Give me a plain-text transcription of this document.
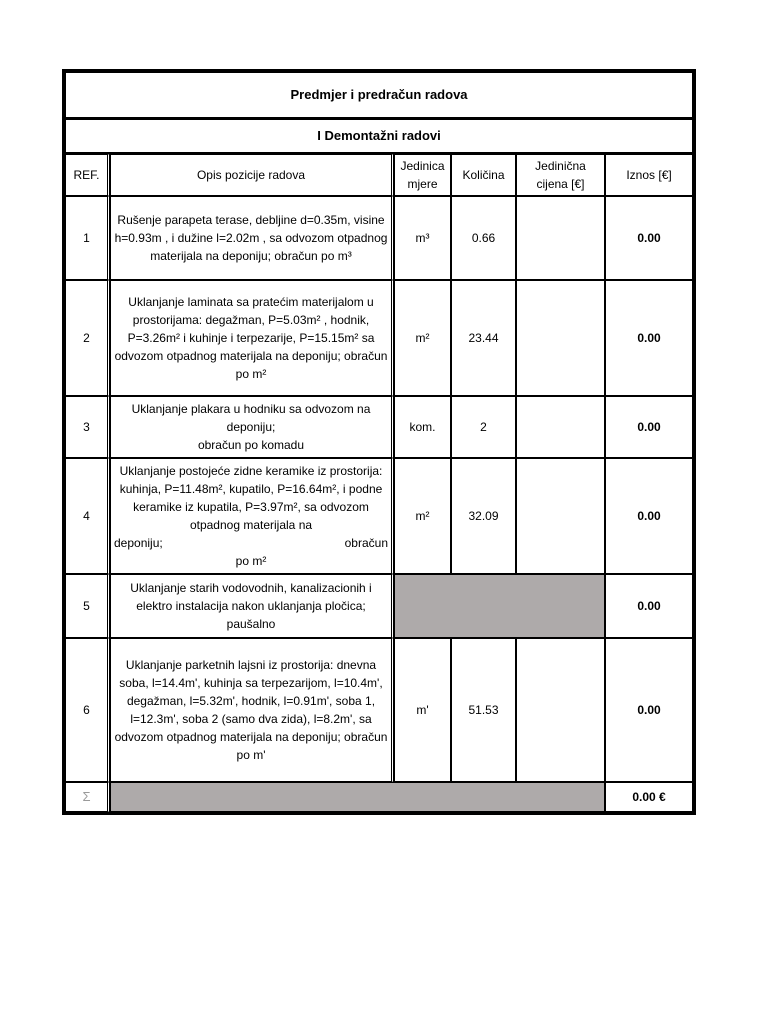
Predmjer i predračun radova					
I Demontažni radovi					
REF.	Opis pozicije radova	Jedinica mjere	Količina	Jedinična cijena [€]	Iznos [€]
1	Rušenje parapeta terase, debljine d=0.35m, visine h=0.93m , i dužine l=2.02m , sa odvozom otpadnog materijala na deponiju; obračun po m³	m³	0.66		0.00
2	Uklanjanje laminata sa pratećim materijalom u prostorijama: degažman, P=5.03m² , hodnik, P=3.26m² i kuhinje i terpezarije, P=15.15m² sa odvozom otpadnog materijala na deponiju; obračun po m²	m²	23.44		0.00
3	Uklanjanje plakara u hodniku sa odvozom na deponiju;
obračun po komadu	kom.	2		0.00
4	Uklanjanje postojeće zidne keramike iz prostorija: kuhinja, P=11.48m², kupatilo, P=16.64m², i podne keramike iz kupatila, P=3.97m², sa odvozom otpadnog materijala na
deponiju; obračun
po m²	m²	32.09		0.00
5	Uklanjanje starih vodovodnih, kanalizacionih i elektro instalacija nakon uklanjanja pločica; paušalno				0.00
6	Uklanjanje parketnih lajsni iz prostorija: dnevna soba, l=14.4m', kuhinja sa terpezarijom, l=10.4m', degažman, l=5.32m', hodnik, l=0.91m', soba 1, l=12.3m', soba 2 (samo dva zida), l=8.2m', sa odvozom otpadnog materijala na deponiju; obračun po m'	m'	51.53		0.00
Σ					0.00 €
